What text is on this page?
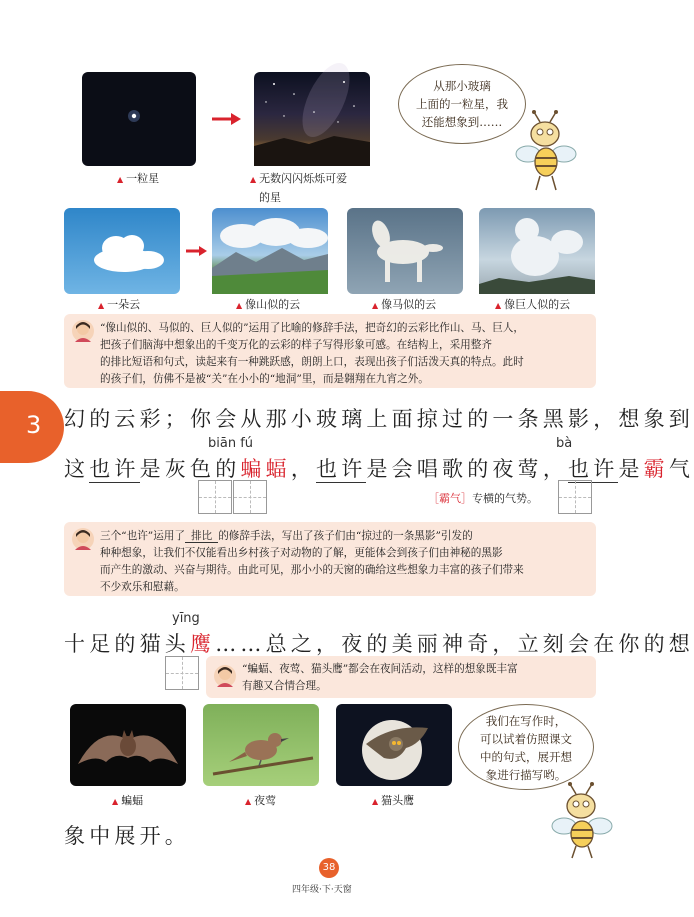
▲ 一粒星	▲ 无数闪闪烁烁可爱
的星
从那小玻璃
上面的一粒星，我
还能想象到……
▲ 一朵云	▲ 像山似的云	▲ 像马似的云	▲ 像巨人似的云
“像山似的、马似的、巨人似的”运用了比喻的修辞手法，把奇幻的云彩比作山、马、巨人，
把孩子们脑海中想象出的千变万化的云彩的样子写得形象可感。在结构上，采用整齐
的排比短语和句式，读起来有一种跳跃感，朗朗上口，表现出孩子们活泼天真的特点。此时
的孩子们，仿佛不是被“关”在小小的“地洞”里，而是翱翔在九宵之外。
3 幻的云彩；你会从那小玻璃上面掠过的一条黑影，想象到
biān fú	bà
这也许是灰色的蝙蝠，也许是会唱歌的夜莺，也许是霸气
［霸气］专横的气势。
三个“也许”运用了 排比 的修辞手法，写出了孩子们由“掠过的一条黑影”引发的
种种想象，让我们不仅能看出乡村孩子对动物的了解，更能体会到孩子们由神秘的黑影
而产生的激动、兴奋与期待。由此可见，那小小的天窗的确给这些想象力丰富的孩子们带来
不少欢乐和慰藉。
yīng
十足的猫头鹰……总之，夜的美丽神奇，立刻会在你的想
“蝙蝠、夜莺、猫头鹰”都会在夜间活动，这样的想象既丰富
有趣又合情合理。
▲ 蝙蝠	▲ 夜莺	▲ 猫头鹰
我们在写作时，
可以试着仿照课文
中的句式，展开想
象进行描写哟。
象中展开。
38
四年级·下·天窗
